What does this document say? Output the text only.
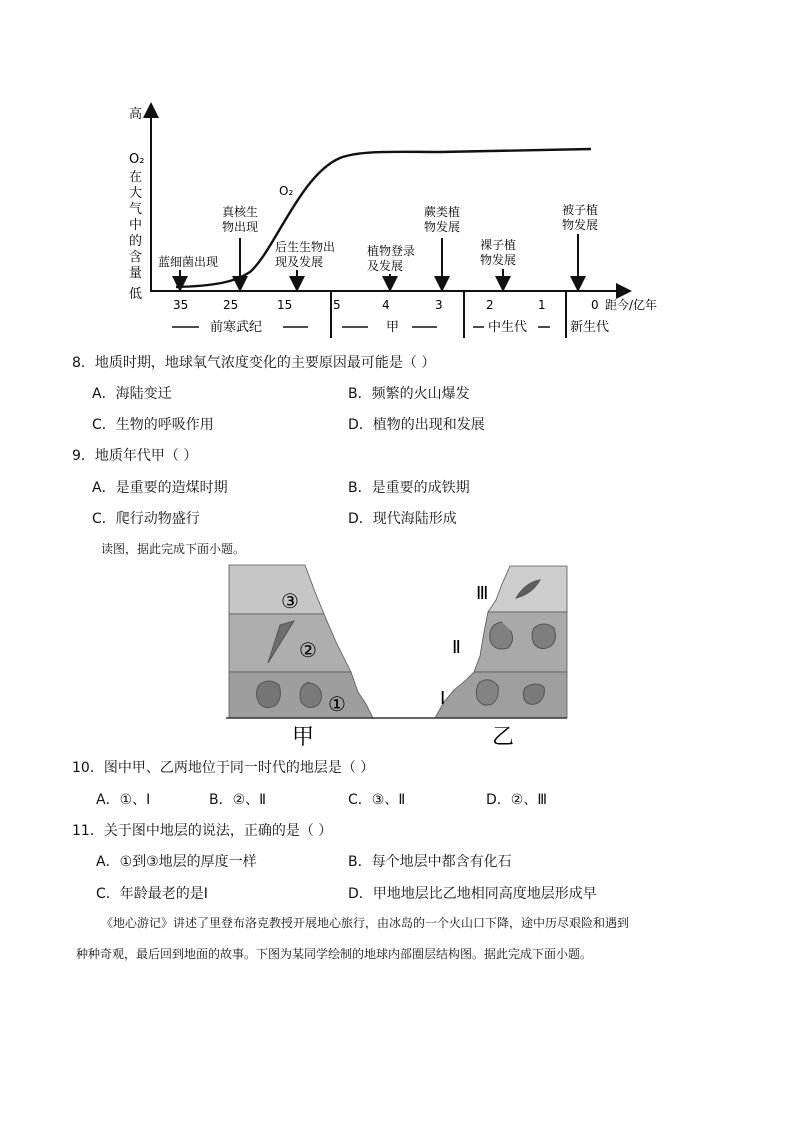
高
低
O₂
在
大
气
中
的
含
量
O₂
35	25	15	5	4	3	2	1	0 距今/亿年
前寒武纪	甲	中生代	新生代
蓝细菌出现
真核生
物出现
后生生物出
现及发展
植物登录
及发展
蕨类植
物发展
裸子植
物发展
被子植
物发展
8．地质时期，地球氧气浓度变化的主要原因最可能是（ ）
A．海陆变迁	B．频繁的火山爆发
C．生物的呼吸作用	D．植物的出现和发展
9．地质年代甲（ ）
A．是重要的造煤时期	B．是重要的成铁期
C．爬行动物盛行	D．现代海陆形成
读图，据此完成下面小题。
③
②
①
Ⅲ
Ⅱ
Ⅰ
甲	乙
10．图中甲、乙两地位于同一时代的地层是（ ）
A．①、Ⅰ	B．②、Ⅱ	C．③、Ⅱ	D．②、Ⅲ
11．关于图中地层的说法，正确的是（ ）
A．①到③地层的厚度一样	B．每个地层中都含有化石
C．年龄最老的是Ⅰ	D．甲地地层比乙地相同高度地层形成早
《地心游记》讲述了里登布洛克教授开展地心旅行，由冰岛的一个火山口下降，途中历尽艰险和遇到
种种奇观，最后回到地面的故事。下图为某同学绘制的地球内部圈层结构图。据此完成下面小题。
